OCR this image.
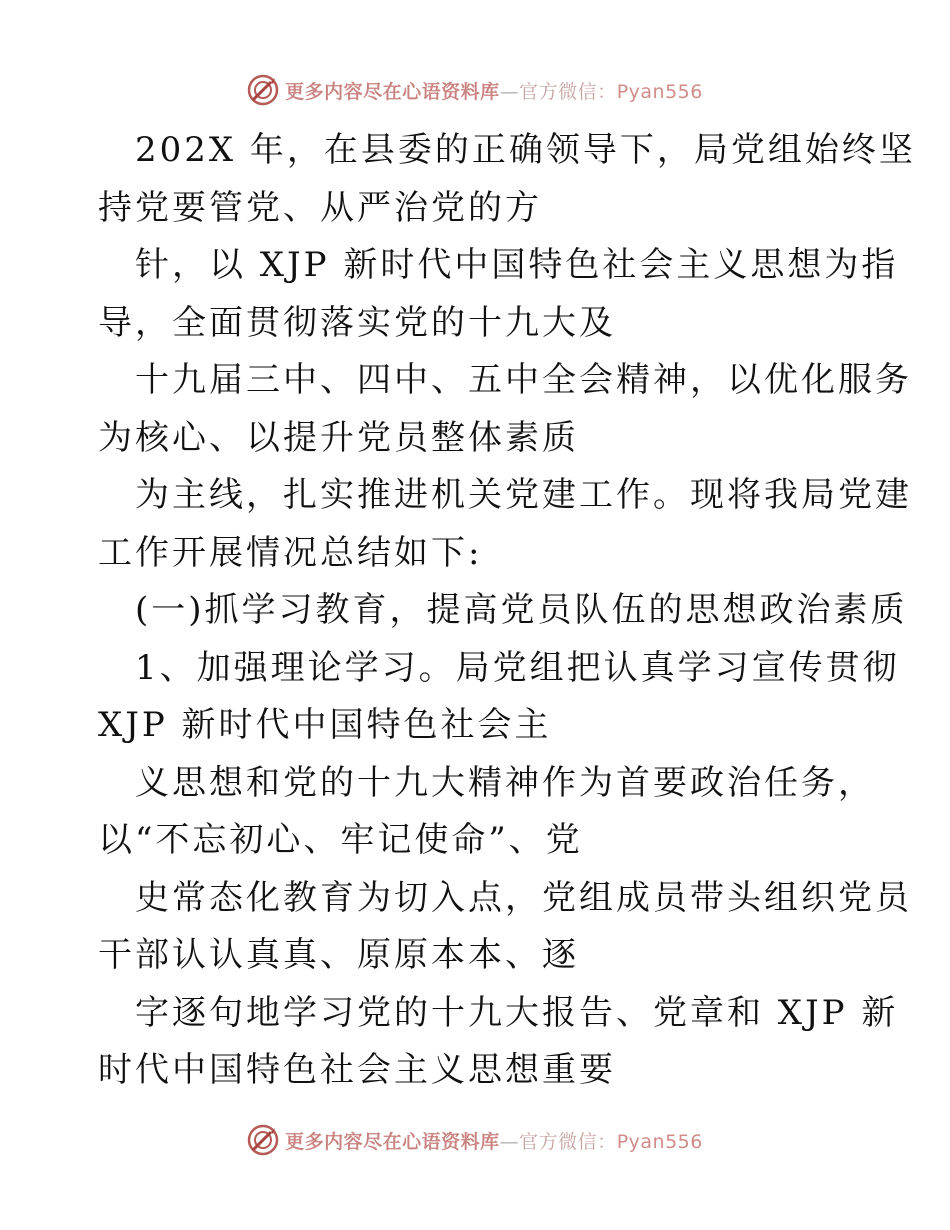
更多内容尽在心语资料库—官方微信：Pyan556
202X 年，在县委的正确领导下，局党组始终坚
持党要管党、从严治党的方
针，以 XJP 新时代中国特色社会主义思想为指
导，全面贯彻落实党的十九大及
十九届三中、四中、五中全会精神，以优化服务
为核心、以提升党员整体素质
为主线，扎实推进机关党建工作。现将我局党建
工作开展情况总结如下:
(一)抓学习教育，提高党员队伍的思想政治素质
1、加强理论学习。局党组把认真学习宣传贯彻
XJP 新时代中国特色社会主
义思想和党的十九大精神作为首要政治任务，
以“不忘初心、牢记使命”、党
史常态化教育为切入点，党组成员带头组织党员
干部认认真真、原原本本、逐
字逐句地学习党的十九大报告、党章和 XJP 新
时代中国特色社会主义思想重要
更多内容尽在心语资料库—官方微信：Pyan556
